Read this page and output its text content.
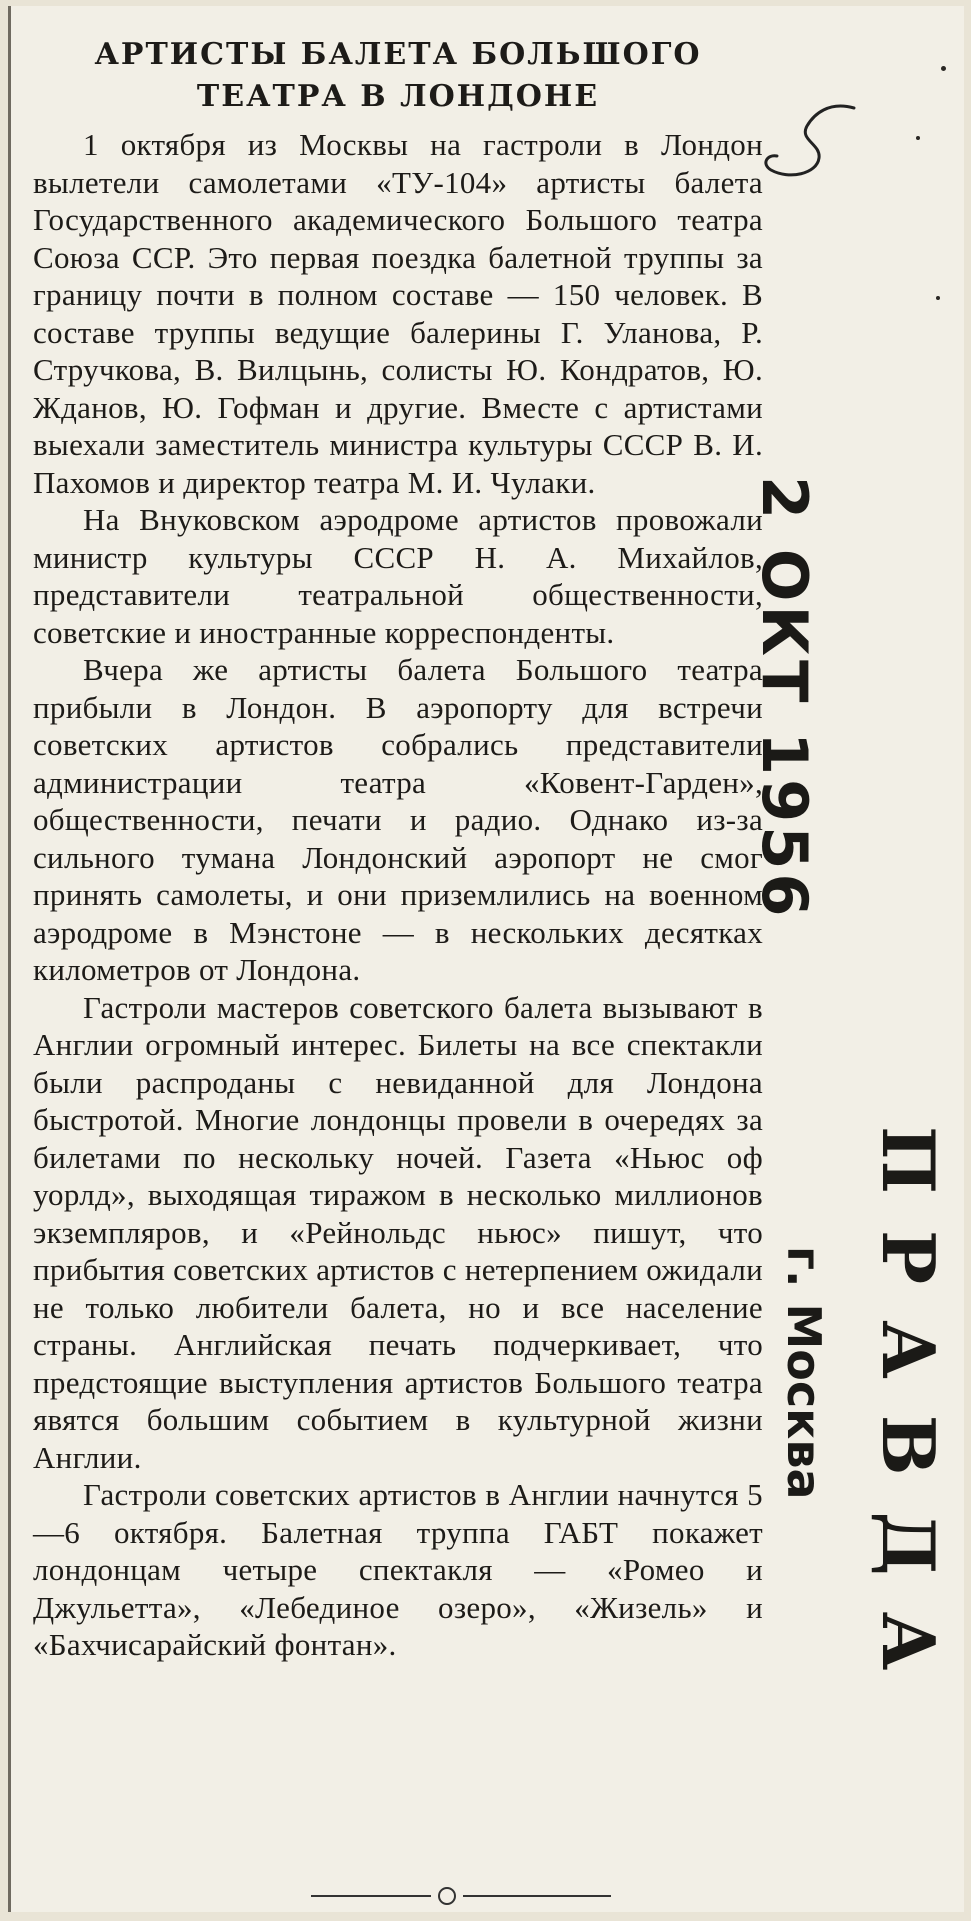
АРТИСТЫ БАЛЕТА БОЛЬШОГО
ТЕАТРА В ЛОНДОНЕ

1 октября из Москвы на гастроли в Лондон вылетели самолетами «ТУ-104» артисты балета Государственного академического Большого театра Союза ССР. Это первая поездка балетной труппы за границу почти в полном составе — 150 человек. В составе труппы ведущие балерины Г. Уланова, Р. Стручкова, В. Вилцынь, солисты Ю. Кондратов, Ю. Жданов, Ю. Гофман и другие. Вместе с артистами выехали заместитель министра культуры СССР В. И. Пахомов и директор театра М. И. Чулаки.

На Внуковском аэродроме артистов провожали министр культуры СССР Н. А. Михайлов, представители театральной общественности, советские и иностранные корреспонденты.

Вчера же артисты балета Большого театра прибыли в Лондон. В аэропорту для встречи советских артистов собрались представители администрации театра «Ковент-Гарден», общественности, печати и радио. Однако из-за сильного тумана Лондонский аэропорт не смог принять самолеты, и они приземлились на военном аэродроме в Мэнстоне — в нескольких десятках километров от Лондона.

Гастроли мастеров советского балета вызывают в Англии огромный интерес. Билеты на все спектакли были распроданы с невиданной для Лондона быстротой. Многие лондонцы провели в очередях за билетами по нескольку ночей. Газета «Ньюс оф уорлд», выходящая тиражом в несколько миллионов экземпляров, и «Рейнольдс ньюс» пишут, что прибытия советских артистов с нетерпением ожидали не только любители балета, но и все население страны. Английская печать подчеркивает, что предстоящие выступления артистов Большого театра явятся большим событием в культурной жизни Англии.

Гастроли советских артистов в Англии начнутся 5—6 октября. Балетная труппа ГАБТ покажет лондонцам четыре спектакля — «Ромео и Джульетта», «Лебединое озеро», «Жизель» и «Бахчисарайский фонтан».

2 ОКТ 1956
г. Москва ПРАВДА
